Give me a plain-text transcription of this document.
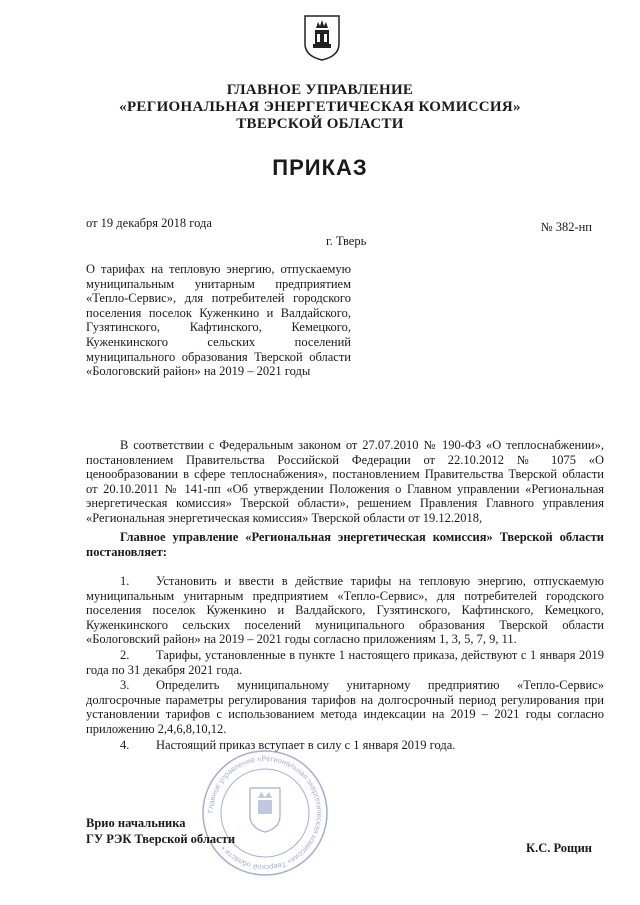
ГЛАВНОЕ УПРАВЛЕНИЕ
«РЕГИОНАЛЬНАЯ ЭНЕРГЕТИЧЕСКАЯ КОМИССИЯ»
ТВЕРСКОЙ ОБЛАСТИ
ПРИКАЗ
от 19 декабря 2018 года	№ 382-нп
г. Тверь
О тарифах на тепловую энергию, отпускаемую муниципальным унитарным предприятием «Тепло-Сервис», для потребителей городского поселения поселок Куженкино и Валдайского, Гузятинского, Кафтинского, Кемецкого, Куженкинского сельских поселений муниципального образования Тверской области «Бологовский район» на 2019 – 2021 годы
В соответствии с Федеральным законом от 27.07.2010 № 190-ФЗ «О теплоснабжении», постановлением Правительства Российской Федерации от 22.10.2012 № 1075 «О ценообразовании в сфере теплоснабжения», постановлением Правительства Тверской области от 20.10.2011 № 141-пп «Об утверждении Положения о Главном управлении «Региональная энергетическая комиссия» Тверской области», решением Правления Главного управления «Региональная энергетическая комиссия» Тверской области от 19.12.2018,
Главное управление «Региональная энергетическая комиссия» Тверской области постановляет:
1. Установить и ввести в действие тарифы на тепловую энергию, отпускаемую муниципальным унитарным предприятием «Тепло-Сервис», для потребителей городского поселения поселок Куженкино и Валдайского, Гузятинского, Кафтинского, Кемецкого, Куженкинского сельских поселений муниципального образования Тверской области «Бологовский район» на 2019 – 2021 годы согласно приложениям 1, 3, 5, 7, 9, 11.
2. Тарифы, установленные в пункте 1 настоящего приказа, действуют с 1 января 2019 года по 31 декабря 2021 года.
3. Определить муниципальному унитарному предприятию «Тепло-Сервис» долгосрочные параметры регулирования тарифов на долгосрочный период регулирования при установлении тарифов с использованием метода индексации на 2019 – 2021 годы согласно приложению 2,4,6,8,10,12.
4. Настоящий приказ вступает в силу с 1 января 2019 года.
Главное управление «Региональная энергетическая комиссия» Тверской области •
Врио начальника
ГУ РЭК Тверской области
К.С. Рощин
